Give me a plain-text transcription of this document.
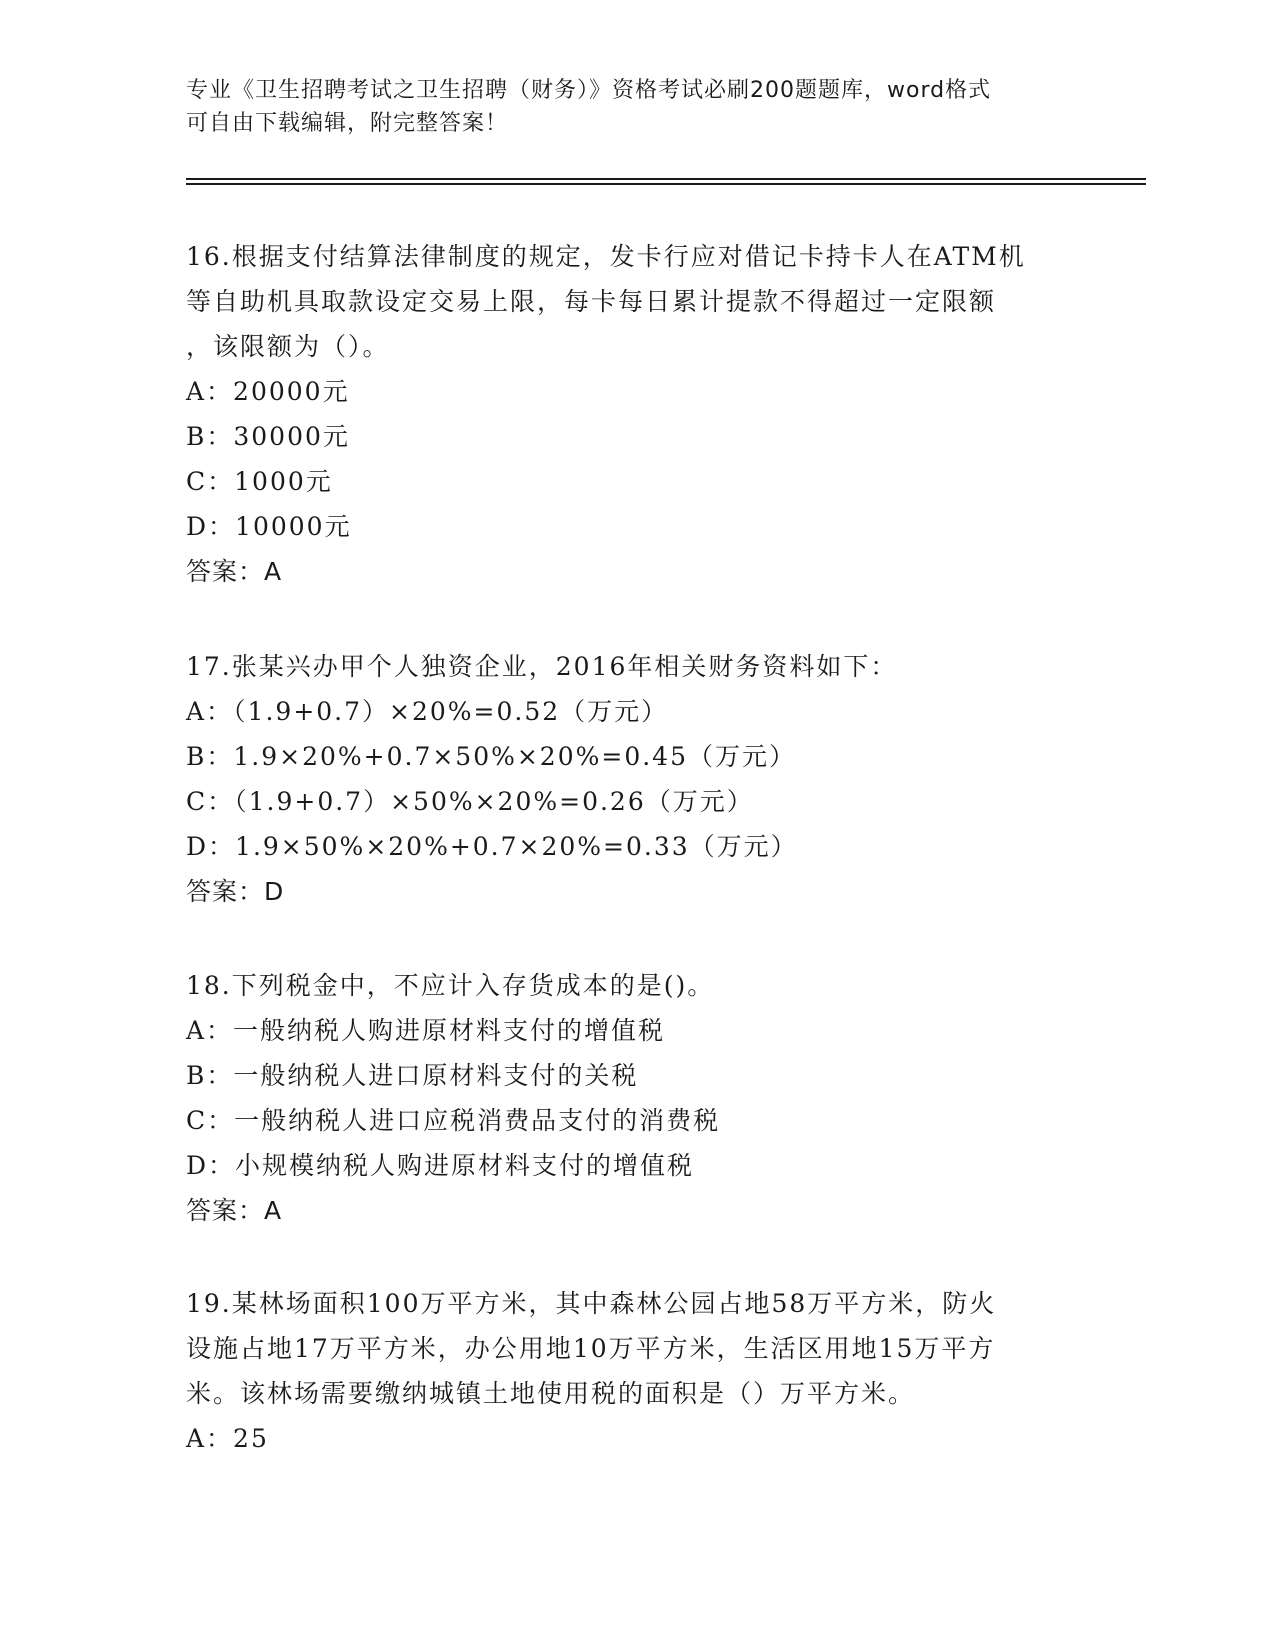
专业《卫生招聘考试之卫生招聘（财务）》资格考试必刷200题题库，word格式
可自由下载编辑，附完整答案！

16.根据支付结算法律制度的规定，发卡行应对借记卡持卡人在ATM机

等自助机具取款设定交易上限，每卡每日累计提款不得超过一定限额

，该限额为（）。

A：20000元

B：30000元

C：1000元

D：10000元

答案：A

17.张某兴办甲个人独资企业，2016年相关财务资料如下：

A：（1.9+0.7）×20%=0.52（万元）

B：1.9×20%+0.7×50%×20%=0.45（万元）

C：（1.9+0.7）×50%×20%=0.26（万元）

D：1.9×50%×20%+0.7×20%=0.33（万元）

答案：D

18.下列税金中，不应计入存货成本的是()。

A：一般纳税人购进原材料支付的增值税

B：一般纳税人进口原材料支付的关税

C：一般纳税人进口应税消费品支付的消费税

D：小规模纳税人购进原材料支付的增值税

答案：A

19.某林场面积100万平方米，其中森林公园占地58万平方米，防火

设施占地17万平方米，办公用地10万平方米，生活区用地15万平方

米。该林场需要缴纳城镇土地使用税的面积是（）万平方米。

A：25
